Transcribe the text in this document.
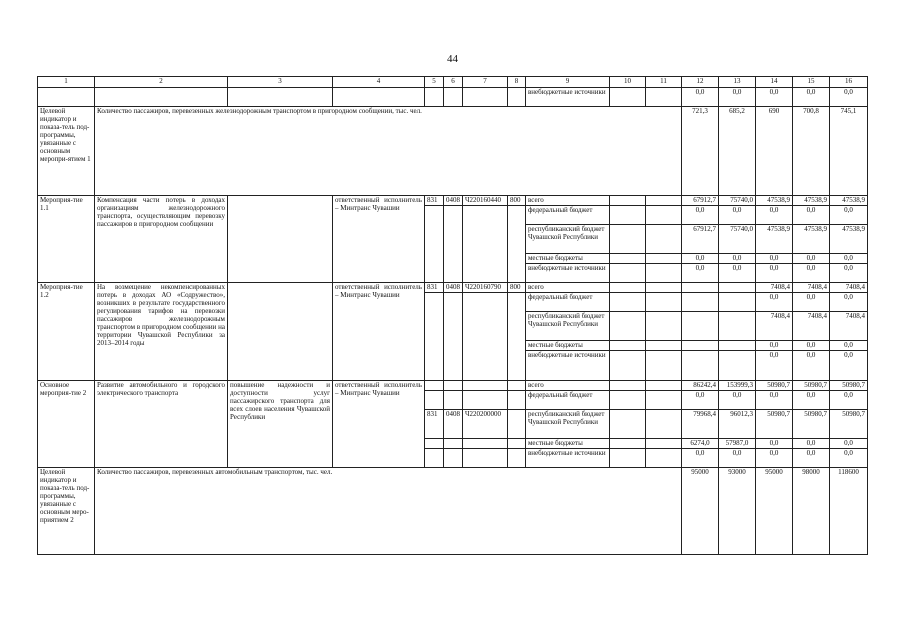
44
1	2	3	4	5	6	7	8	9	10	11	12	13	14	15	16
								внебюджетные источники			0,0	0,0	0,0	0,0	0,0
Целевой индикатор и показа-тель под-программы, увязанные с основным меропри-ятием 1	Количество пассажиров, перевезенных железнодорожным транспортом в пригородном сообщении, тыс. чел.										721,3	685,2	690	700,8	745,1
Мероприя-тие 1.1	Компенсация части потерь в доходах организациям железнодорожного транспорта, осуществляющим перевозку пассажиров в пригородном сообщении		ответственный исполнитель – Минтранс Чувашии	831	0408	Ч220160440	800	всего			67912,7	75740,0	47538,9	47538,9	47538,9
								федеральный бюджет			0,0	0,0	0,0	0,0	0,0
								республиканский бюджет Чувашской Республики			67912,7	75740,0	47538,9	47538,9	47538,9
								местные бюджеты			0,0	0,0	0,0	0,0	0,0
								внебюджетные источники			0,0	0,0	0,0	0,0	0,0
Мероприя-тие 1.2	На возмещение некомпенсированных потерь в доходах АО «Содружество», возникших в результате государственного регулирования тарифов на перевозки пассажиров железнодорожным транспортом в пригородном сообщении на территории Чувашской Республики за 2013–2014 годы		ответственный исполнитель – Минтранс Чувашии	831	0408	Ч220160790	800	всего					7408,4	7408,4	7408,4
								федеральный бюджет					0,0	0,0	0,0
								республиканский бюджет Чувашской Республики					7408,4	7408,4	7408,4
								местные бюджеты					0,0	0,0	0,0
								внебюджетные источники					0,0	0,0	0,0
Основное мероприя-тие 2	Развитие автомобильного и городского электрического транспорта	повышение надежности и доступности услуг пассажирского транспорта для всех слоев населения Чувашской Республики	ответственный исполнитель – Минтранс Чувашии					всего			86242,4	153999,3	50980,7	50980,7	50980,7
								федеральный бюджет			0,0	0,0	0,0	0,0	0,0
				831	0408	Ч220200000		республиканский бюджет Чувашской Республики			79968,4	96012,3	50980,7	50980,7	50980,7
								местные бюджеты			6274,0	57987,0	0,0	0,0	0,0
								внебюджетные источники			0,0	0,0	0,0	0,0	0,0
Целевой индикатор и показа-тель под-программы, увязанные с основным меро-приятием 2	Количество пассажиров, перевезенных автомобильным транспортом, тыс. чел.										95000	93000	95000	98000	118600
